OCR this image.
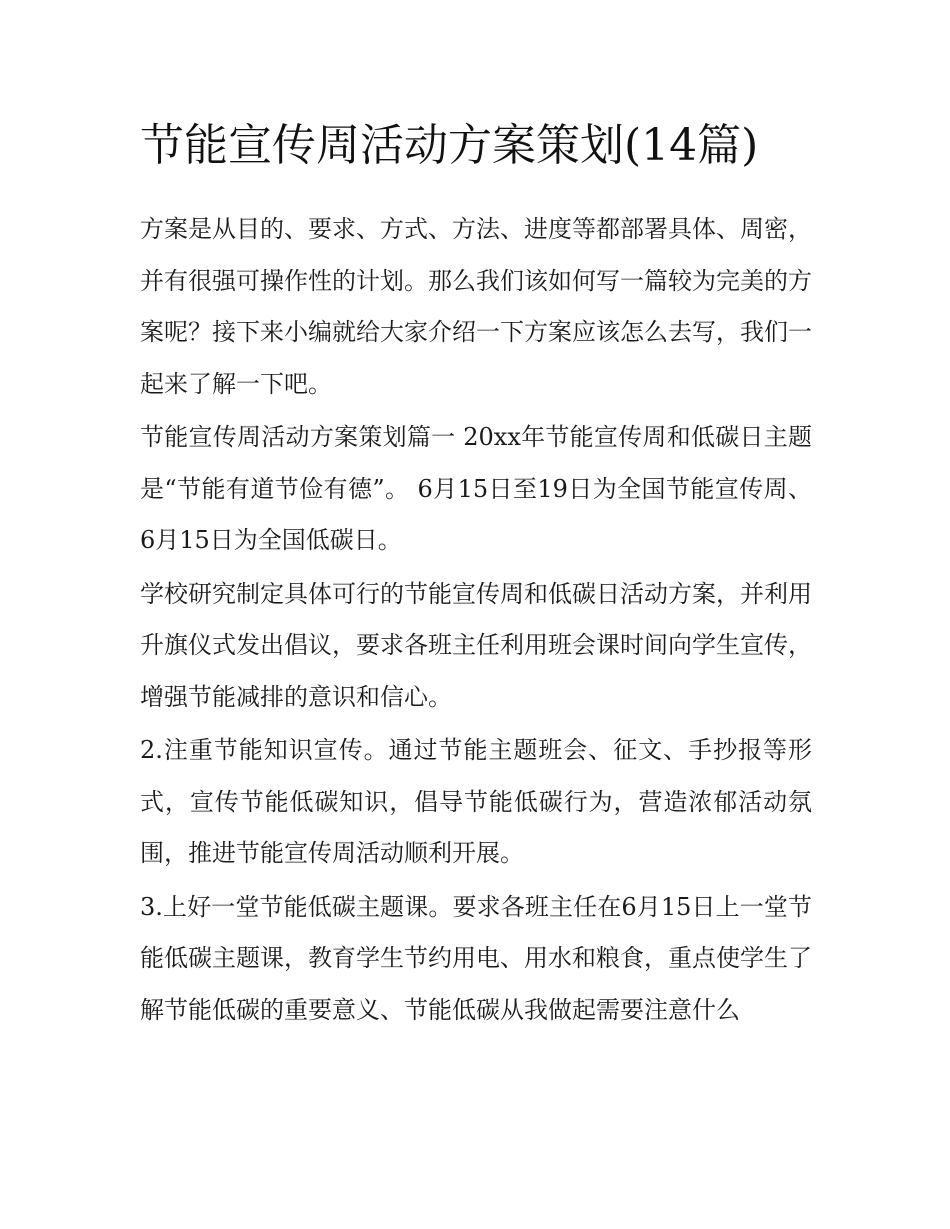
节能宣传周活动方案策划(14篇)

方案是从目的、要求、方式、方法、进度等都部署具体、周密，并有很强可操作性的计划。那么我们该如何写一篇较为完美的方案呢？接下来小编就给大家介绍一下方案应该怎么去写，我们一起来了解一下吧。

节能宣传周活动方案策划篇一 20xx年节能宣传周和低碳日主题是“节能有道节俭有德”。 6月15日至19日为全国节能宣传周、6月15日为全国低碳日。

学校研究制定具体可行的节能宣传周和低碳日活动方案，并利用升旗仪式发出倡议，要求各班主任利用班会课时间向学生宣传，增强节能减排的意识和信心。

2.注重节能知识宣传。通过节能主题班会、征文、手抄报等形式，宣传节能低碳知识，倡导节能低碳行为，营造浓郁活动氛围，推进节能宣传周活动顺利开展。

3.上好一堂节能低碳主题课。要求各班主任在6月15日上一堂节能低碳主题课，教育学生节约用电、用水和粮食，重点使学生了解节能低碳的重要意义、节能低碳从我做起需要注意什么
